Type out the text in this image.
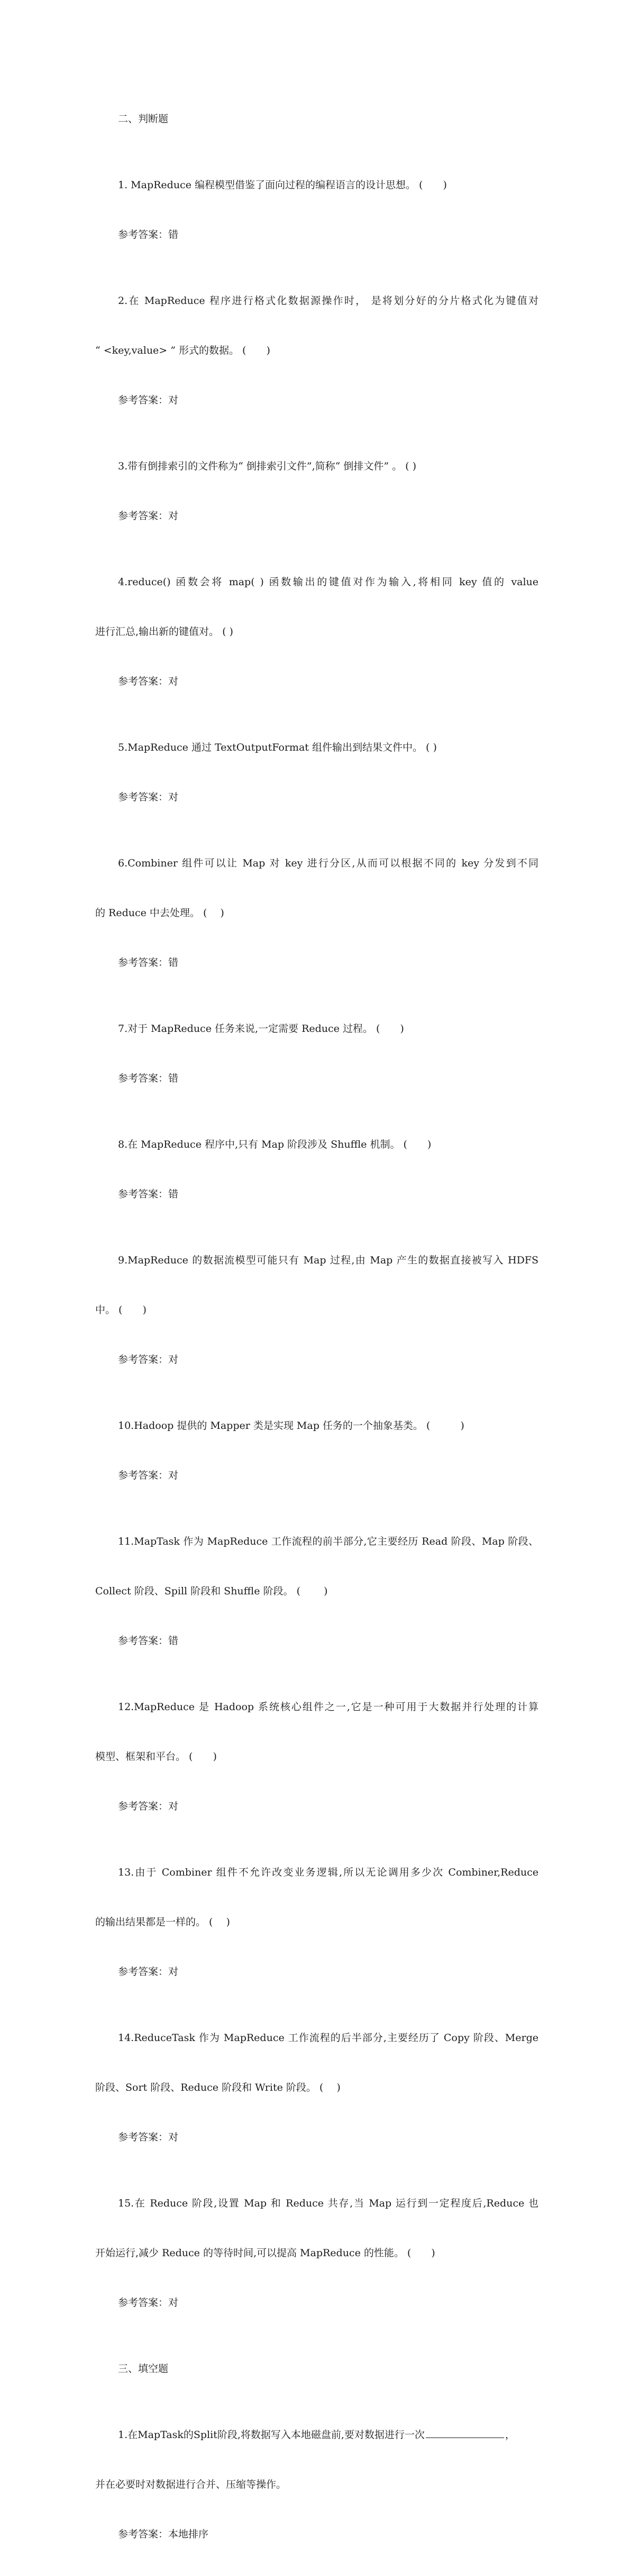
二、判断题

1. MapReduce 编程模型借鉴了面向过程的编程语言的设计思想。 (　　)

参考答案：错

2.在 MapReduce 程序进行格式化数据源操作时， 是将划分好的分片格式化为键值对

“ <key,value> ” 形式的数据。 (　　)

参考答案：对

3.带有倒排索引的文件称为“ 倒排索引文件”,简称“ 倒排文件” 。 ( )

参考答案：对

4.reduce() 函数会将 map( ) 函数输出的键值对作为输入,将相同 key 值的 value

进行汇总,输出新的键值对。 ( )

参考答案：对

5.MapReduce 通过 TextOutputFormat 组件输出到结果文件中。 ( )

参考答案：对

6.Combiner 组件可以让 Map 对 key 进行分区,从而可以根据不同的 key 分发到不同

的 Reduce 中去处理。 (　 )

参考答案：错

7.对于 MapReduce 任务来说,一定需要 Reduce 过程。 (　　)

参考答案：错

8.在 MapReduce 程序中,只有 Map 阶段涉及 Shuffle 机制。 (　　)

参考答案：错

9.MapReduce 的数据流模型可能只有 Map 过程,由 Map 产生的数据直接被写入 HDFS

中。 (　　)

参考答案：对

10.Hadoop 提供的 Mapper 类是实现 Map 任务的一个抽象基类。 (　　　)

参考答案：对

11.MapTask 作为 MapReduce 工作流程的前半部分,它主要经历 Read 阶段、Map 阶段、

Collect 阶段、Spill 阶段和 Shuffle 阶段。 (　　 )

参考答案：错

12.MapReduce 是 Hadoop 系统核心组件之一,它是一种可用于大数据并行处理的计算

模型、框架和平台。 (　　)

参考答案：对

13.由于 Combiner 组件不允许改变业务逻辑,所以无论调用多少次 Combiner,Reduce

的输出结果都是一样的。 (　 )

参考答案：对

14.ReduceTask 作为 MapReduce 工作流程的后半部分,主要经历了 Copy 阶段、Merge

阶段、Sort 阶段、Reduce 阶段和 Write 阶段。 (　 )

参考答案：对

15.在 Reduce 阶段,设置 Map 和 Reduce 共存,当 Map 运行到一定程度后,Reduce 也

开始运行,减少 Reduce 的等待时间,可以提高 MapReduce 的性能。 (　　)

参考答案：对

三、填空题

1.在MapTask的Split阶段,将数据写入本地磁盘前,要对数据进行一次	，

并在必要时对数据进行合并、压缩等操作。

参考答案：本地排序
